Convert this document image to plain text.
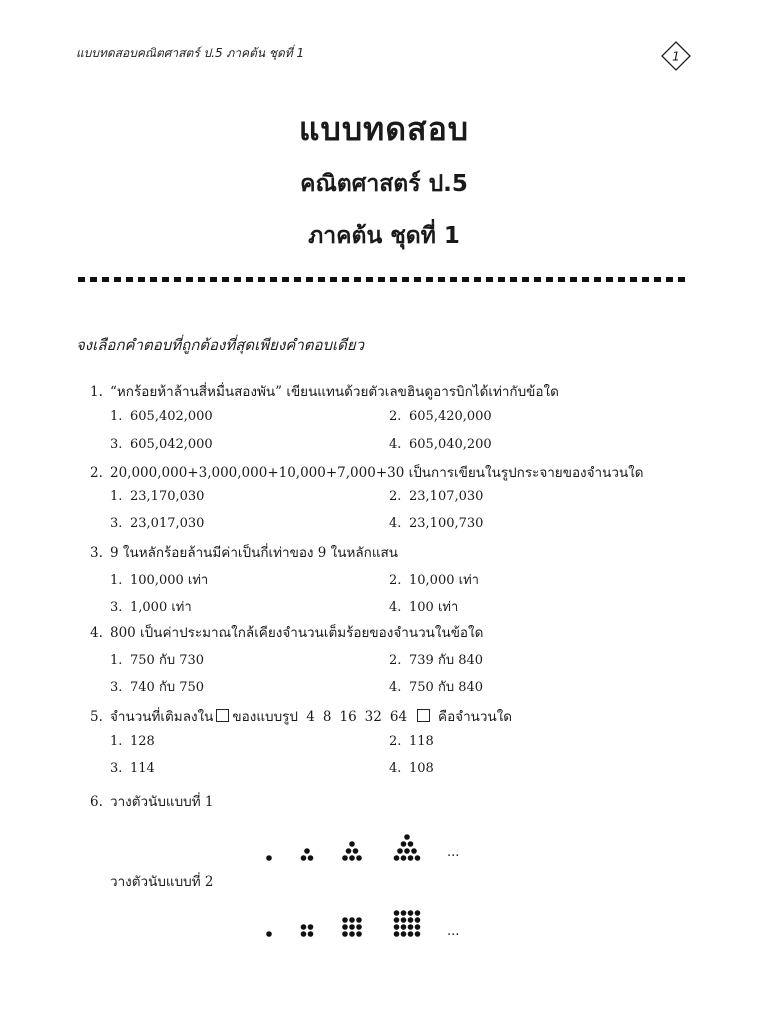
แบบทดสอบคณิตศาสตร์ ป.5 ภาคต้น ชุดที่ 1	1
แบบทดสอบ
คณิตศาสตร์ ป.5
ภาคต้น ชุดที่ 1
จงเลือกคำตอบที่ถูกต้องที่สุดเพียงคำตอบเดียว
1. “หกร้อยห้าล้านสี่หมื่นสองพัน” เขียนแทนด้วยตัวเลขฮินดูอารบิกได้เท่ากับข้อใด
1. 605,402,000	2. 605,420,000
3. 605,042,000	4. 605,040,200
2. 20,000,000+3,000,000+10,000+7,000+30 เป็นการเขียนในรูปกระจายของจำนวนใด
1. 23,170,030	2. 23,107,030
3. 23,017,030	4. 23,100,730
3. 9 ในหลักร้อยล้านมีค่าเป็นกี่เท่าของ 9 ในหลักแสน
1. 100,000 เท่า	2. 10,000 เท่า
3. 1,000 เท่า	4. 100 เท่า
4. 800 เป็นค่าประมาณใกล้เคียงจำนวนเต็มร้อยของจำนวนในข้อใด
1. 750 กับ 730	2. 739 กับ 840
3. 740 กับ 750	4. 750 กับ 840
5. จำนวนที่เติมลงใน ของแบบรูป 4 8 16 32 64 คือจำนวนใด
1. 128	2. 118
3. 114	4. 108
6. วางตัวนับแบบที่ 1
...
วางตัวนับแบบที่ 2
...
